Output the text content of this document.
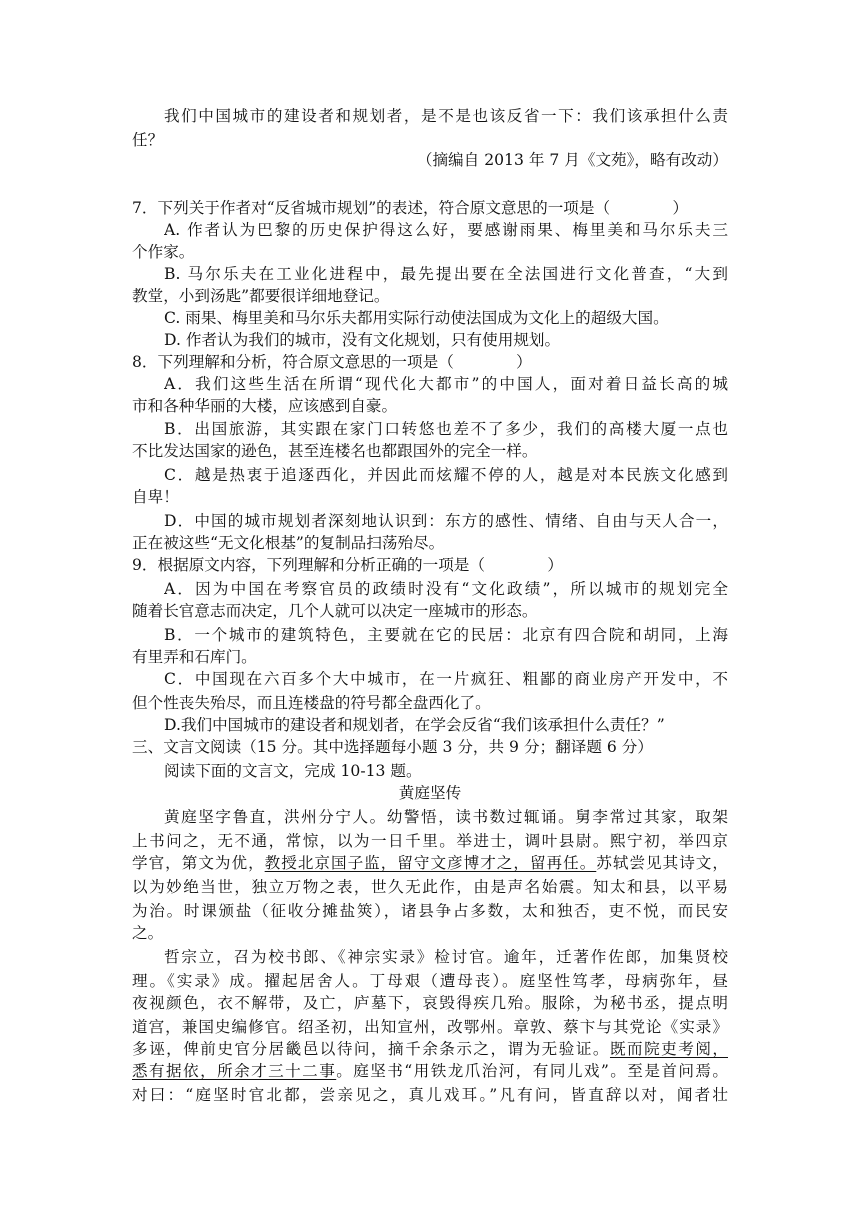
我们中国城市的建设者和规划者，是不是也该反省一下：我们该承担什么责
任？
（摘编自 2013 年 7 月《文苑》，略有改动）
7．下列关于作者对“反省城市规划”的表述，符合原文意思的一项是（　　　　）
A. 作者认为巴黎的历史保护得这么好，要感谢雨果、梅里美和马尔乐夫三
个作家。
B. 马尔乐夫在工业化进程中，最先提出要在全法国进行文化普查，“大到
教堂，小到汤匙”都要很详细地登记。
C. 雨果、梅里美和马尔乐夫都用实际行动使法国成为文化上的超级大国。
D. 作者认为我们的城市，没有文化规划，只有使用规划。
8．下列理解和分析，符合原文意思的一项是（　　　　）
A．我们这些生活在所谓“现代化大都市”的中国人，面对着日益长高的城
市和各种华丽的大楼，应该感到自豪。
B．出国旅游，其实跟在家门口转悠也差不了多少，我们的高楼大厦一点也
不比发达国家的逊色，甚至连楼名也都跟国外的完全一样。
C．越是热衷于追逐西化，并因此而炫耀不停的人，越是对本民族文化感到
自卑！
D．中国的城市规划者深刻地认识到：东方的感性、情绪、自由与天人合一，
正在被这些“无文化根基”的复制品扫荡殆尽。
9．根据原文内容，下列理解和分析正确的一项是（　　　　）
A．因为中国在考察官员的政绩时没有“文化政绩”，所以城市的规划完全
随着长官意志而决定，几个人就可以决定一座城市的形态。
B．一个城市的建筑特色，主要就在它的民居：北京有四合院和胡同，上海
有里弄和石库门。
C．中国现在六百多个大中城市，在一片疯狂、粗鄙的商业房产开发中，不
但个性丧失殆尽，而且连楼盘的符号都全盘西化了。
D.我们中国城市的建设者和规划者，在学会反省“我们该承担什么责任？”
三、文言文阅读（15 分。其中选择题每小题 3 分，共 9 分；翻译题 6 分）
阅读下面的文言文，完成 10-13 题。
黄庭坚传
黄庭坚字鲁直，洪州分宁人。幼警悟，读书数过辄诵。舅李常过其家，取架
上书问之，无不通，常惊，以为一日千里。举进士，调叶县尉。熙宁初，举四京
学官，第文为优，教授北京国子监，留守文彦博才之，留再任。苏轼尝见其诗文，
以为妙绝当世，独立万物之表，世久无此作，由是声名始震。知太和县，以平易
为治。时课颁盐（征收分摊盐筴），诸县争占多数，太和独否，吏不悦，而民安
之。
哲宗立，召为校书郎、《神宗实录》检讨官。逾年，迁著作佐郎，加集贤校
理。《实录》成。擢起居舍人。丁母艰（遭母丧）。庭坚性笃孝，母病弥年，昼
夜视颜色，衣不解带，及亡，庐墓下，哀毁得疾几殆。服除，为秘书丞，提点明
道宫，兼国史编修官。绍圣初，出知宣州，改鄂州。章敦、蔡卞与其党论《实录》
多诬，俾前史官分居畿邑以待问，摘千余条示之，谓为无验证。既而院吏考阅，
悉有据依，所余才三十二事。庭坚书“用铁龙爪治河，有同儿戏”。至是首问焉。
对曰：“庭坚时官北都，尝亲见之，真儿戏耳。”凡有问，皆直辞以对，闻者壮
